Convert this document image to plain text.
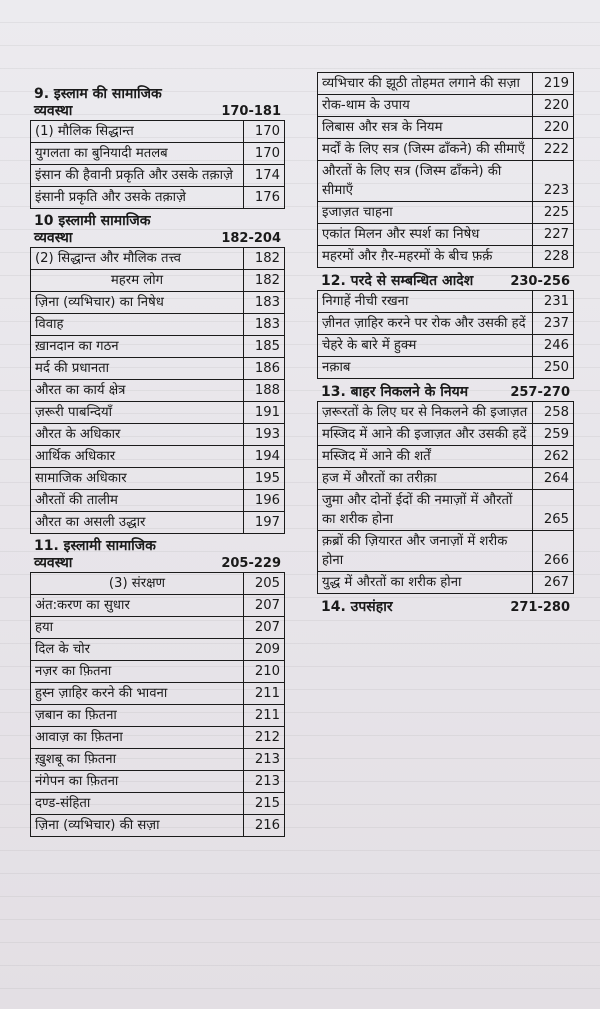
9. इस्लाम की सामाजिक
व्यवस्था	170-181
(1) मौलिक सिद्धान्त	170
युगलता का बुनियादी मतलब	170
इंसान की हैवानी प्रकृति और उसके तक़ाज़े	174
इंसानी प्रकृति और उसके तक़ाज़े	176
10 इस्लामी सामाजिक
व्यवस्था	182-204
(2) सिद्धान्त और मौलिक तत्त्व	182
महरम लोग	182
ज़िना (व्यभिचार) का निषेध	183
विवाह	183
ख़ानदान का गठन	185
मर्द की प्रधानता	186
औरत का कार्य क्षेत्र	188
ज़रूरी पाबन्दियाँ	191
औरत के अधिकार	193
आर्थिक अधिकार	194
सामाजिक अधिकार	195
औरतों की तालीम	196
औरत का असली उद्धार	197
11. इस्लामी सामाजिक
व्यवस्था	205-229
(3) संरक्षण	205
अंत:करण का सुधार	207
हया	207
दिल के चोर	209
नज़र का फ़ितना	210
हुस्न ज़ाहिर करने की भावना	211
ज़बान का फ़ितना	211
आवाज़ का फ़ितना	212
ख़ुशबू का फ़ितना	213
नंगेपन का फ़ितना	213
दण्ड-संहिता	215
ज़िना (व्यभिचार) की सज़ा	216
व्यभिचार की झूठी तोहमत लगाने की सज़ा	219
रोक-थाम के उपाय	220
लिबास और सत्र के नियम	220
मर्दों के लिए सत्र (जिस्म ढाँकने) की सीमाएँ	222
औरतों के लिए सत्र (जिस्म ढाँकने) की सीमाएँ	223
इजाज़त चाहना	225
एकांत मिलन और स्पर्श का निषेध	227
महरमों और ग़ैर-महरमों के बीच फ़र्क़	228
12. परदे से सम्बन्धित आदेश	230-256
निगाहें नीची रखना	231
ज़ीनत ज़ाहिर करने पर रोक और उसकी हदें	237
चेहरे के बारे में हुक्म	246
नक़ाब	250
13. बाहर निकलने के नियम	257-270
ज़रूरतों के लिए घर से निकलने की इजाज़त	258
मस्जिद में आने की इजाज़त और उसकी हदें	259
मस्जिद में आने की शर्तें	262
हज में औरतों का तरीक़ा	264
जुमा और दोनों ईदों की नमाज़ों में औरतों का शरीक होना	265
क़ब्रों की ज़ियारत और जनाज़ों में शरीक होना	266
युद्ध में औरतों का शरीक होना	267
14. उपसंहार	271-280
